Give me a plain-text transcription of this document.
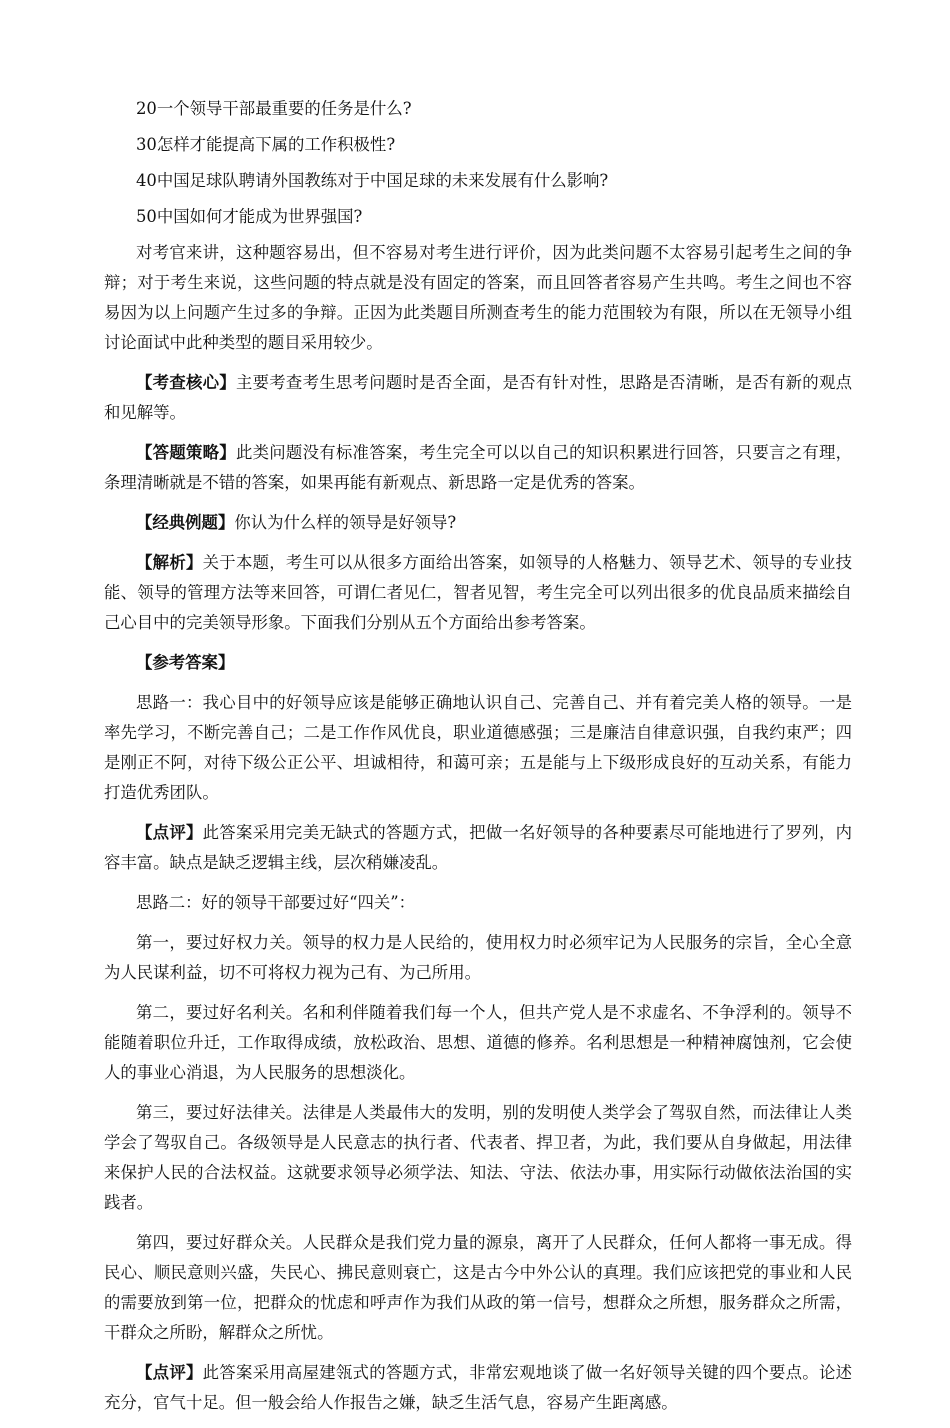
20一个领导干部最重要的任务是什么?
30怎样才能提高下属的工作积极性?
40中国足球队聘请外国教练对于中国足球的未来发展有什么影响?
50中国如何才能成为世界强国?

对考官来讲，这种题容易出，但不容易对考生进行评价，因为此类问题不太容易引起考生之间的争辩；对于考生来说，这些问题的特点就是没有固定的答案，而且回答者容易产生共鸣。考生之间也不容易因为以上问题产生过多的争辩。正因为此类题目所测查考生的能力范围较为有限，所以在无领导小组讨论面试中此种类型的题目采用较少。

【考查核心】主要考查考生思考问题时是否全面，是否有针对性，思路是否清晰，是否有新的观点和见解等。

【答题策略】此类问题没有标准答案，考生完全可以以自己的知识积累进行回答，只要言之有理，条理清晰就是不错的答案，如果再能有新观点、新思路一定是优秀的答案。

【经典例题】你认为什么样的领导是好领导?

【解析】关于本题，考生可以从很多方面给出答案，如领导的人格魅力、领导艺术、领导的专业技能、领导的管理方法等来回答，可谓仁者见仁，智者见智，考生完全可以列出很多的优良品质来描绘自己心目中的完美领导形象。下面我们分别从五个方面给出参考答案。

【参考答案】

思路一：我心目中的好领导应该是能够正确地认识自己、完善自己、并有着完美人格的领导。一是率先学习，不断完善自己；二是工作作风优良，职业道德感强；三是廉洁自律意识强，自我约束严；四是刚正不阿，对待下级公正公平、坦诚相待，和蔼可亲；五是能与上下级形成良好的互动关系，有能力打造优秀团队。

【点评】此答案采用完美无缺式的答题方式，把做一名好领导的各种要素尽可能地进行了罗列，内容丰富。缺点是缺乏逻辑主线，层次稍嫌凌乱。

思路二：好的领导干部要过好“四关”：

第一，要过好权力关。领导的权力是人民给的，使用权力时必须牢记为人民服务的宗旨，全心全意为人民谋利益，切不可将权力视为己有、为己所用。

第二，要过好名利关。名和利伴随着我们每一个人，但共产党人是不求虚名、不争浮利的。领导不能随着职位升迁，工作取得成绩，放松政治、思想、道德的修养。名利思想是一种精神腐蚀剂，它会使人的事业心消退，为人民服务的思想淡化。

第三，要过好法律关。法律是人类最伟大的发明，别的发明使人类学会了驾驭自然，而法律让人类学会了驾驭自己。各级领导是人民意志的执行者、代表者、捍卫者，为此，我们要从自身做起，用法律来保护人民的合法权益。这就要求领导必须学法、知法、守法、依法办事，用实际行动做依法治国的实践者。

第四，要过好群众关。人民群众是我们党力量的源泉，离开了人民群众，任何人都将一事无成。得民心、顺民意则兴盛，失民心、拂民意则衰亡，这是古今中外公认的真理。我们应该把党的事业和人民的需要放到第一位，把群众的忧虑和呼声作为我们从政的第一信号，想群众之所想，服务群众之所需，干群众之所盼，解群众之所忧。

【点评】此答案采用高屋建瓴式的答题方式，非常宏观地谈了做一名好领导关键的四个要点。论述充分，官气十足。但一般会给人作报告之嫌，缺乏生活气息，容易产生距离感。
